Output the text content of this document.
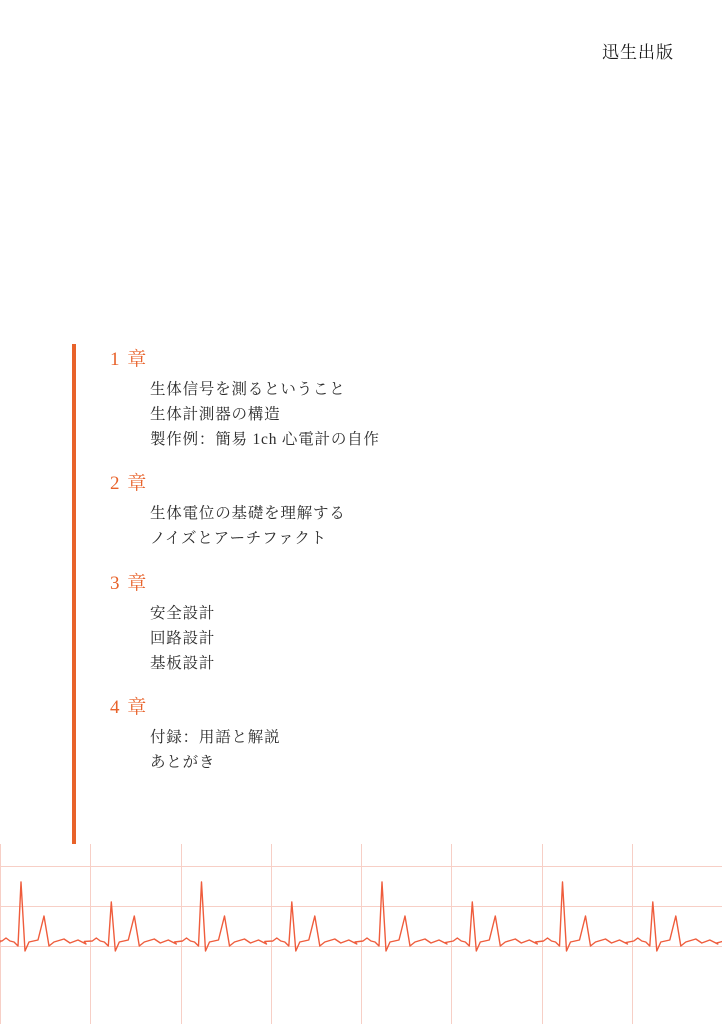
迅生出版
1 章
生体信号を測るということ
生体計測器の構造
製作例：簡易 1ch 心電計の自作
2 章
生体電位の基礎を理解する
ノイズとアーチファクト
3 章
安全設計
回路設計
基板設計
4 章
付録：用語と解説
あとがき
